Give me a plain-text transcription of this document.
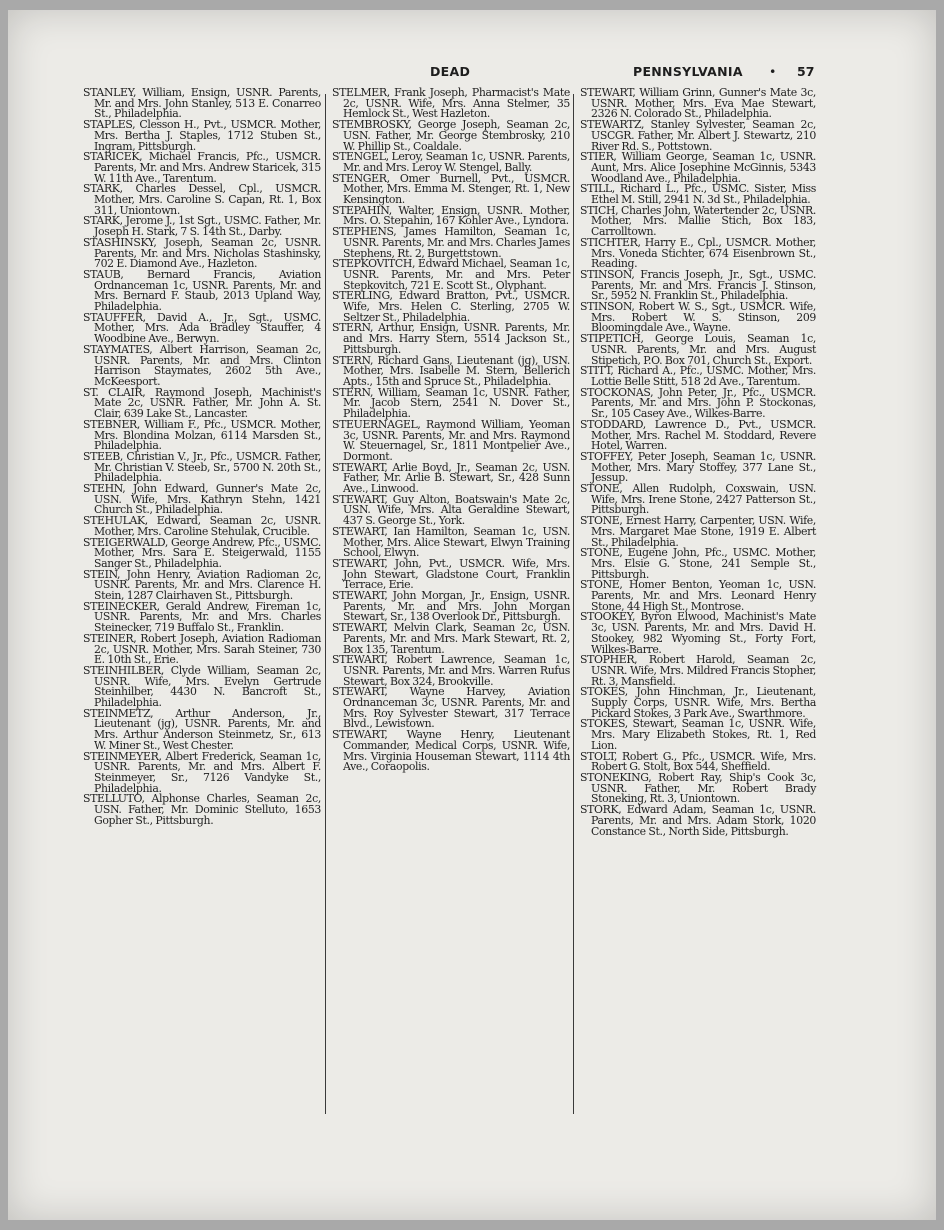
DEAD	PENNSYLVANIA • 57

STANLEY, William, Ensign, USNR. Parents, Mr. and Mrs. John Stanley, 513 E. Conarreo St., Philadelphia.

STAPLES, Clesson H., Pvt., USMCR. Mother, Mrs. Bertha J. Staples, 1712 Stuben St., Ingram, Pittsburgh.

STARICEK, Michael Francis, Pfc., USMCR. Parents, Mr. and Mrs. Andrew Staricek, 315 W. 11th Ave., Tarentum.

STARK, Charles Dessel, Cpl., USMCR. Mother, Mrs. Caroline S. Capan, Rt. 1, Box 311, Uniontown.

STARK, Jerome J., 1st Sgt., USMC. Father, Mr. Joseph H. Stark, 7 S. 14th St., Darby.

STASHINSKY, Joseph, Seaman 2c, USNR. Parents, Mr. and Mrs. Nicholas Stashinsky, 702 E. Diamond Ave., Hazleton.

STAUB, Bernard Francis, Aviation Ordnanceman 1c, USNR. Parents, Mr. and Mrs. Bernard F. Staub, 2013 Upland Way, Philadelphia.

STAUFFER, David A., Jr., Sgt., USMC. Mother, Mrs. Ada Bradley Stauffer, 4 Woodbine Ave., Berwyn.

STAYMATES, Albert Harrison, Seaman 2c, USNR. Parents, Mr. and Mrs. Clinton Harrison Staymates, 2602 5th Ave., McKeesport.

ST. CLAIR, Raymond Joseph, Machinist's Mate 2c, USNR. Father, Mr. John A. St. Clair, 639 Lake St., Lancaster.

STEBNER, William F., Pfc., USMCR. Mother, Mrs. Blondina Molzan, 6114 Marsden St., Philadelphia.

STEEB, Christian V., Jr., Pfc., USMCR. Father, Mr. Christian V. Steeb, Sr., 5700 N. 20th St., Philadelphia.

STEHN, John Edward, Gunner's Mate 2c, USN. Wife, Mrs. Kathryn Stehn, 1421 Church St., Philadelphia.

STEHULAK, Edward, Seaman 2c, USNR. Mother, Mrs. Caroline Stehulak, Crucible.

STEIGERWALD, George Andrew, Pfc., USMC. Mother, Mrs. Sara E. Steigerwald, 1155 Sanger St., Philadelphia.

STEIN, John Henry, Aviation Radioman 2c, USNR. Parents, Mr. and Mrs. Clarence H. Stein, 1287 Clairhaven St., Pittsburgh.

STEINECKER, Gerald Andrew, Fireman 1c, USNR. Parents, Mr. and Mrs. Charles Steinecker, 719 Buffalo St., Franklin.

STEINER, Robert Joseph, Aviation Radioman 2c, USNR. Mother, Mrs. Sarah Steiner, 730 E. 10th St., Erie.

STEINHILBER, Clyde William, Seaman 2c, USNR. Wife, Mrs. Evelyn Gertrude Steinhilber, 4430 N. Bancroft St., Philadelphia.

STEINMETZ, Arthur Anderson, Jr., Lieutenant (jg), USNR. Parents, Mr. and Mrs. Arthur Anderson Steinmetz, Sr., 613 W. Miner St., West Chester.

STEINMEYER, Albert Frederick, Seaman 1c, USNR. Parents, Mr. and Mrs. Albert F. Steinmeyer, Sr., 7126 Vandyke St., Philadelphia.

STELLUTO, Alphonse Charles, Seaman 2c, USN. Father, Mr. Dominic Stelluto, 1653 Gopher St., Pittsburgh.

STELMER, Frank Joseph, Pharmacist's Mate 2c, USNR. Wife, Mrs. Anna Stelmer, 35 Hemlock St., West Hazleton.

STEMBROSKY, George Joseph, Seaman 2c, USN. Father, Mr. George Stembrosky, 210 W. Phillip St., Coaldale.

STENGEL, Leroy, Seaman 1c, USNR. Parents, Mr. and Mrs. Leroy W. Stengel, Bally.

STENGER, Omer Burnell, Pvt., USMCR. Mother, Mrs. Emma M. Stenger, Rt. 1, New Kensington.

STEPAHIN, Walter, Ensign, USNR. Mother, Mrs. O. Stepahin, 167 Kohler Ave., Lyndora.

STEPHENS, James Hamilton, Seaman 1c, USNR. Parents, Mr. and Mrs. Charles James Stephens, Rt. 2, Burgettstown.

STEPKOVITCH, Edward Michael, Seaman 1c, USNR. Parents, Mr. and Mrs. Peter Stepkovitch, 721 E. Scott St., Olyphant.

STERLING, Edward Bratton, Pvt., USMCR. Wife, Mrs. Helen C. Sterling, 2705 W. Seltzer St., Philadelphia.

STERN, Arthur, Ensign, USNR. Parents, Mr. and Mrs. Harry Stern, 5514 Jackson St., Pittsburgh.

STERN, Richard Gans, Lieutenant (jg), USN. Mother, Mrs. Isabelle M. Stern, Bellerich Apts., 15th and Spruce St., Philadelphia.

STERN, William, Seaman 1c, USNR. Father, Mr. Jacob Stern, 2541 N. Dover St., Philadelphia.

STEUERNAGEL, Raymond William, Yeoman 3c, USNR. Parents, Mr. and Mrs. Raymond W. Steuernagel, Sr., 1811 Montpelier Ave., Dormont.

STEWART, Arlie Boyd, Jr., Seaman 2c, USN. Father, Mr. Arlie B. Stewart, Sr., 428 Sunn Ave., Linwood.

STEWART, Guy Alton, Boatswain's Mate 2c, USN. Wife, Mrs. Alta Geraldine Stewart, 437 S. George St., York.

STEWART, Ian Hamilton, Seaman 1c, USN. Mother, Mrs. Alice Stewart, Elwyn Training School, Elwyn.

STEWART, John, Pvt., USMCR. Wife, Mrs. John Stewart, Gladstone Court, Franklin Terrace, Erie.

STEWART, John Morgan, Jr., Ensign, USNR. Parents, Mr. and Mrs. John Morgan Stewart, Sr., 138 Overlook Dr., Pittsburgh.

STEWART, Melvin Clark, Seaman 2c, USN. Parents, Mr. and Mrs. Mark Stewart, Rt. 2, Box 135, Tarentum.

STEWART, Robert Lawrence, Seaman 1c, USNR. Parents, Mr. and Mrs. Warren Rufus Stewart, Box 324, Brookville.

STEWART, Wayne Harvey, Aviation Ordnanceman 3c, USNR. Parents, Mr. and Mrs. Roy Sylvester Stewart, 317 Terrace Blvd., Lewistown.

STEWART, Wayne Henry, Lieutenant Commander, Medical Corps, USNR. Wife, Mrs. Virginia Houseman Stewart, 1114 4th Ave., Coraopolis.

STEWART, William Grinn, Gunner's Mate 3c, USNR. Mother, Mrs. Eva Mae Stewart, 2326 N. Colorado St., Philadelphia.

STEWARTZ, Stanley Sylvester, Seaman 2c, USCGR. Father, Mr. Albert J. Stewartz, 210 River Rd. S., Pottstown.

STIER, William George, Seaman 1c, USNR. Aunt, Mrs. Alice Josephine McGinnis, 5343 Woodland Ave., Philadelphia.

STILL, Richard L., Pfc., USMC. Sister, Miss Ethel M. Still, 2941 N. 3d St., Philadelphia.

STICH, Charles John, Watertender 2c, USNR. Mother, Mrs. Mallie Stich, Box 183, Carrolltown.

STICHTER, Harry E., Cpl., USMCR. Mother, Mrs. Voneda Stichter, 674 Eisenbrown St., Reading.

STINSON, Francis Joseph, Jr., Sgt., USMC. Parents, Mr. and Mrs. Francis J. Stinson, Sr., 5952 N. Franklin St., Philadelphia.

STINSON, Robert W. S., Sgt., USMCR. Wife, Mrs. Robert W. S. Stinson, 209 Bloomingdale Ave., Wayne.

STIPETICH, George Louis, Seaman 1c, USNR. Parents, Mr. and Mrs. August Stipetich, P.O. Box 701, Church St., Export.

STITT, Richard A., Pfc., USMC. Mother, Mrs. Lottie Belle Stitt, 518 2d Ave., Tarentum.

STOCKONAS, John Peter, Jr., Pfc., USMCR. Parents, Mr. and Mrs. John P. Stockonas, Sr., 105 Casey Ave., Wilkes-Barre.

STODDARD, Lawrence D., Pvt., USMCR. Mother, Mrs. Rachel M. Stoddard, Revere Hotel, Warren.

STOFFEY, Peter Joseph, Seaman 1c, USNR. Mother, Mrs. Mary Stoffey, 377 Lane St., Jessup.

STONE, Allen Rudolph, Coxswain, USN. Wife, Mrs. Irene Stone, 2427 Patterson St., Pittsburgh.

STONE, Ernest Harry, Carpenter, USN. Wife, Mrs. Margaret Mae Stone, 1919 E. Albert St., Philadelphia.

STONE, Eugene John, Pfc., USMC. Mother, Mrs. Elsie G. Stone, 241 Semple St., Pittsburgh.

STONE, Homer Benton, Yeoman 1c, USN. Parents, Mr. and Mrs. Leonard Henry Stone, 44 High St., Montrose.

STOOKEY, Byron Elwood, Machinist's Mate 3c, USN. Parents, Mr. and Mrs. David H. Stookey, 982 Wyoming St., Forty Fort, Wilkes-Barre.

STOPHER, Robert Harold, Seaman 2c, USNR. Wife, Mrs. Mildred Francis Stopher, Rt. 3, Mansfield.

STOKES, John Hinchman, Jr., Lieutenant, Supply Corps, USNR. Wife, Mrs. Bertha Pickard Stokes, 3 Park Ave., Swarthmore.

STOKES, Stewart, Seaman 1c, USNR. Wife, Mrs. Mary Elizabeth Stokes, Rt. 1, Red Lion.

STOLT, Robert G., Pfc., USMCR. Wife, Mrs. Robert G. Stolt, Box 544, Sheffield.

STONEKING, Robert Ray, Ship's Cook 3c, USNR. Father, Mr. Robert Brady Stoneking, Rt. 3, Uniontown.

STORK, Edward Adam, Seaman 1c, USNR. Parents, Mr. and Mrs. Adam Stork, 1020 Constance St., North Side, Pittsburgh.
